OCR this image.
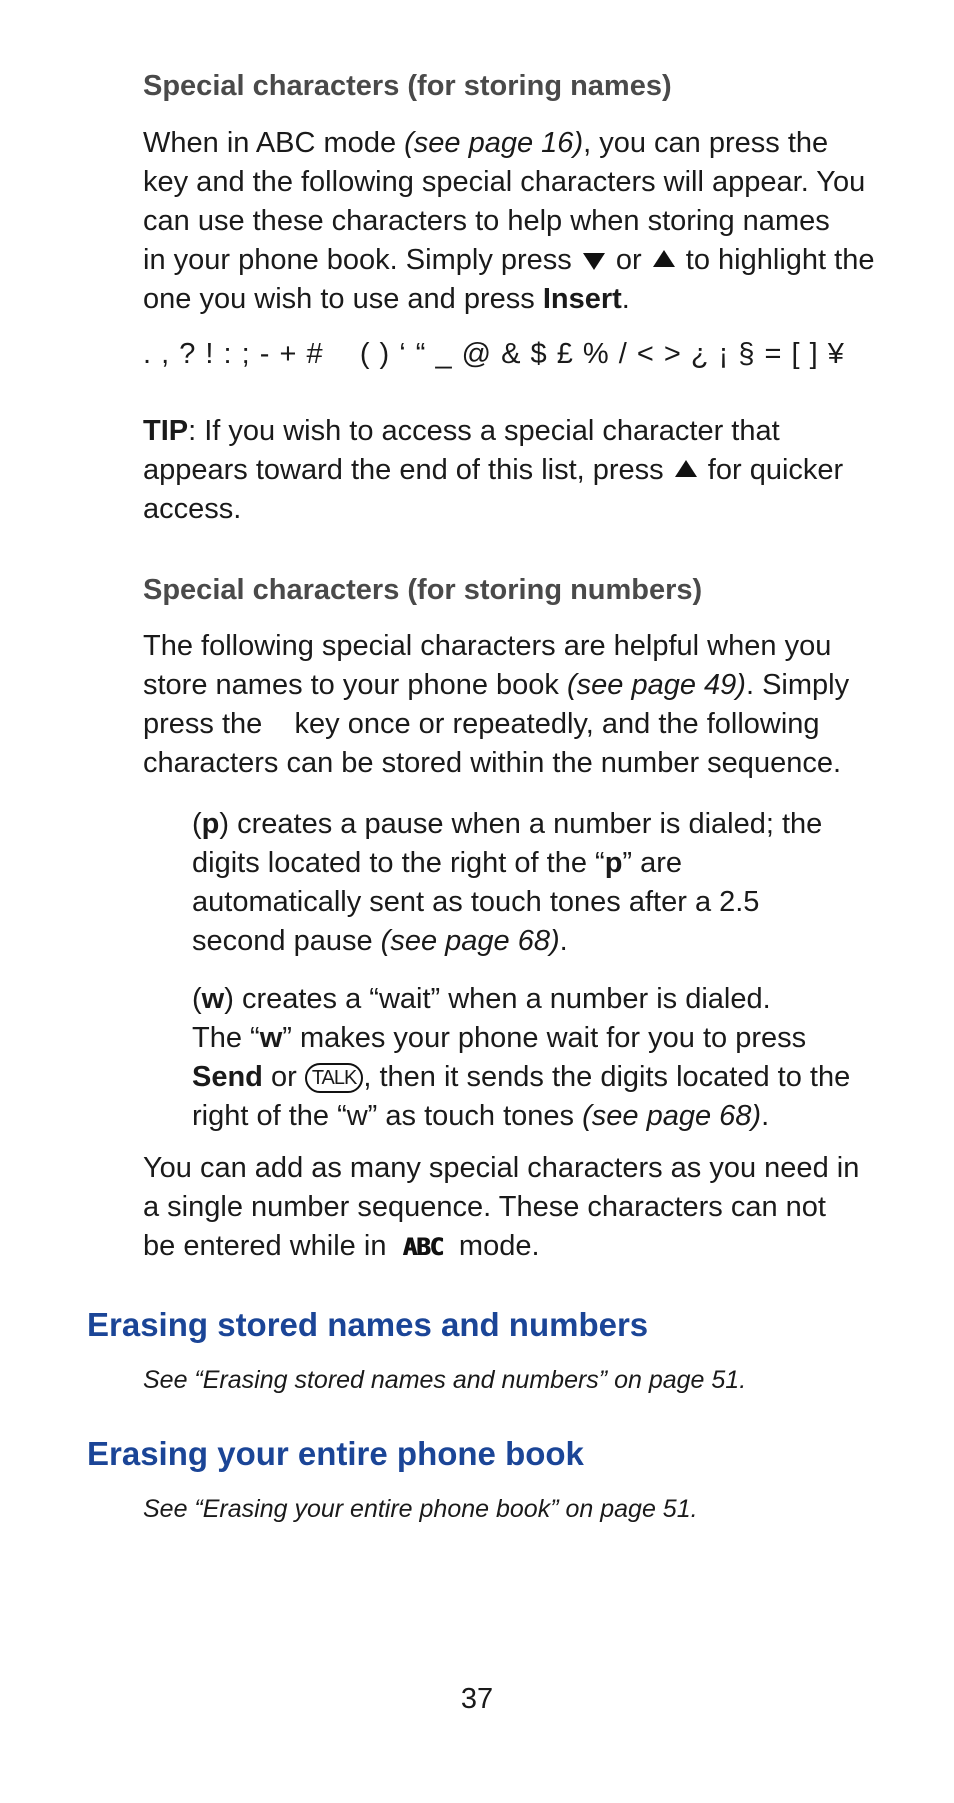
Special characters (for storing names)

When in ABC mode (see page 16), you can press the
key and the following special characters will appear. You
can use these characters to help when storing names
in your phone book. Simply press  or  to highlight the
one you wish to use and press Insert.

. , ? ! : ; - + #    ( ) ‘ “ _ @ & $ £ % / < > ¿ ¡ § = [ ] ¥

TIP: If you wish to access a special character that
appears toward the end of this list, press  for quicker
access.

Special characters (for storing numbers)

The following special characters are helpful when you
store names to your phone book (see page 49). Simply
press the    key once or repeatedly, and the following
characters can be stored within the number sequence.

(p) creates a pause when a number is dialed; the
digits located to the right of the “p” are
automatically sent as touch tones after a 2.5
second pause (see page 68).

(w) creates a “wait” when a number is dialed.
The “w” makes your phone wait for you to press
Send or TALK , then it sends the digits located to the
right of the “w” as touch tones (see page 68).

You can add as many special characters as you need in
a single number sequence. These characters can not
be entered while in ABC mode.

Erasing stored names and numbers

See “Erasing stored names and numbers” on page 51.

Erasing your entire phone book

See “Erasing your entire phone book” on page 51.

37
